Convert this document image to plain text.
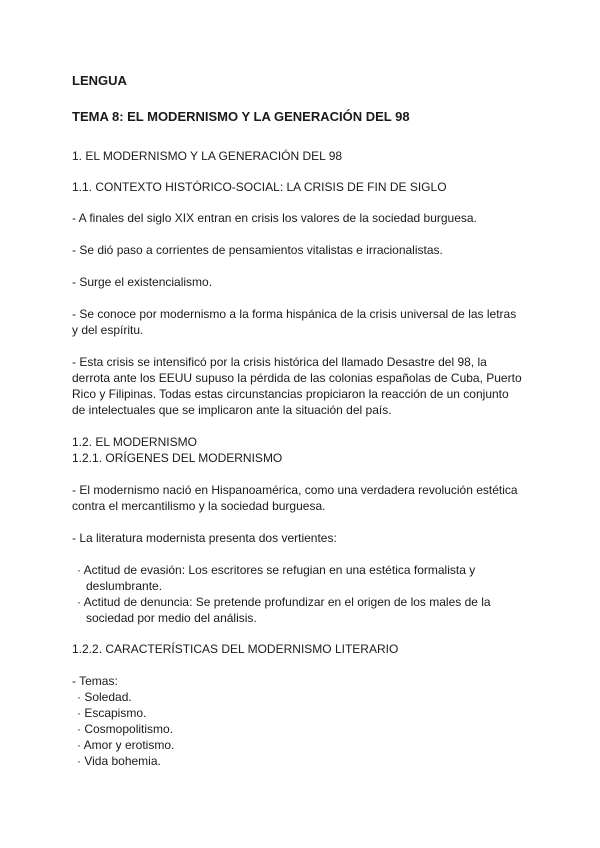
LENGUA
TEMA 8: EL MODERNISMO Y LA GENERACIÓN DEL 98
1. EL MODERNISMO Y LA GENERACIÓN DEL 98
1.1. CONTEXTO HISTÓRICO-SOCIAL: LA CRISIS DE FIN DE SIGLO
- A finales del siglo XIX entran en crisis los valores de la sociedad burguesa.
- Se dió paso a corrientes de pensamientos vitalistas e irracionalistas.
- Surge el existencialismo.
- Se conoce por modernismo a la forma hispánica de la crisis universal de las letras
y del espíritu.
- Esta crisis se intensificó por la crisis histórica del llamado Desastre del 98, la
derrota ante los EEUU supuso la pérdida de las colonias españolas de Cuba, Puerto
Rico y Filipinas. Todas estas circunstancias propiciaron la reacción de un conjunto
de intelectuales que se implicaron ante la situación del país.
1.2. EL MODERNISMO
1.2.1. ORÍGENES DEL MODERNISMO
- El modernismo nació en Hispanoamérica, como una verdadera revolución estética
contra el mercantilismo y la sociedad burguesa.
- La literatura modernista presenta dos vertientes:
· Actitud de evasión: Los escritores se refugian en una estética formalista y
deslumbrante.
· Actitud de denuncia: Se pretende profundizar en el origen de los males de la
sociedad por medio del análisis.
1.2.2. CARACTERÍSTICAS DEL MODERNISMO LITERARIO
- Temas:
· Soledad.
· Escapismo.
· Cosmopolitismo.
· Amor y erotismo.
· Vida bohemia.
